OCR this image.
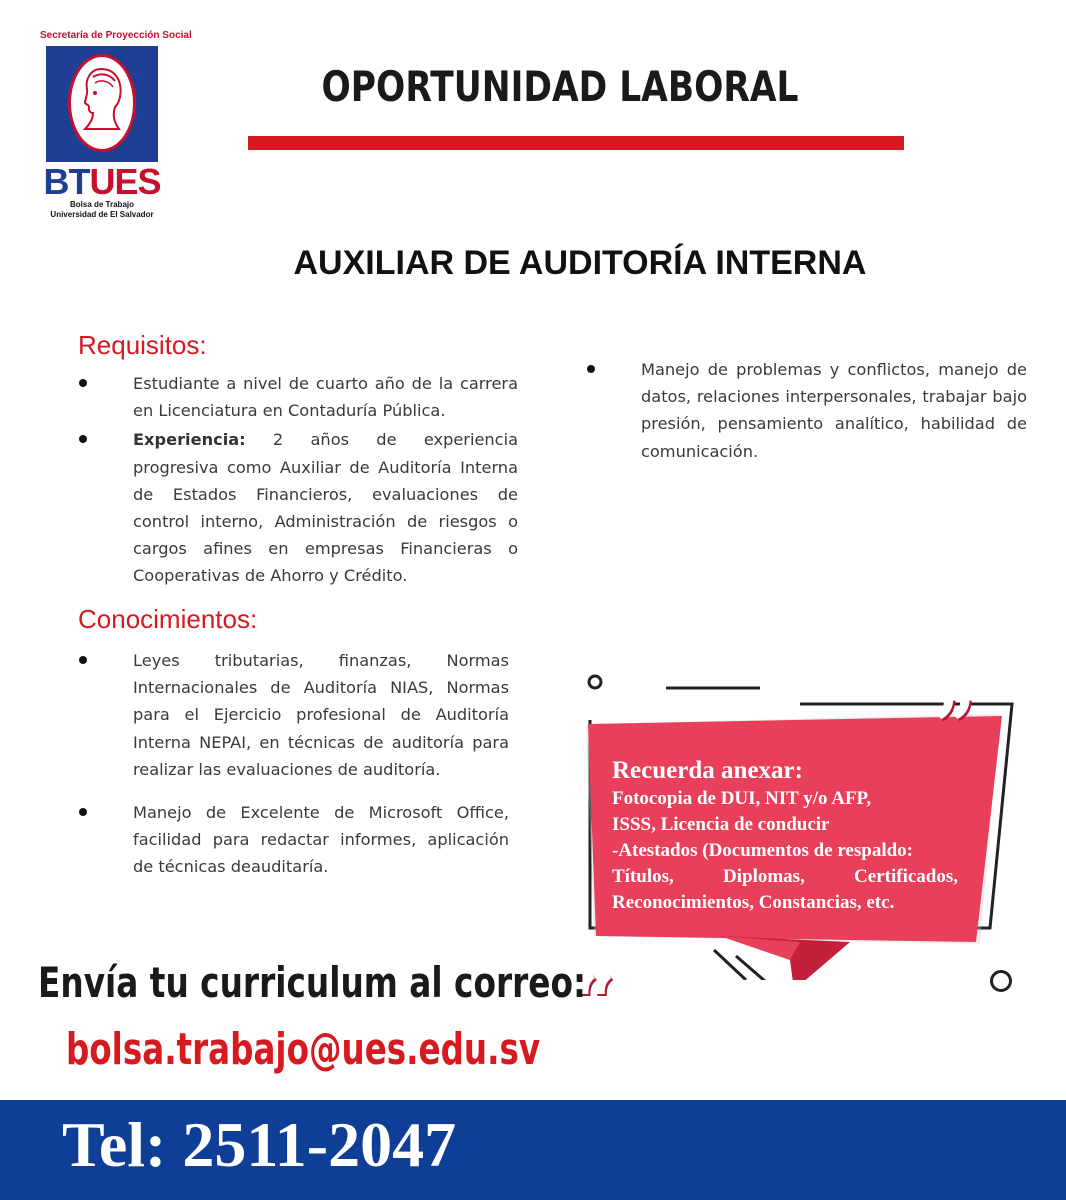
Secretaría de Proyección Social
BTUES
Bolsa de Trabajo
Universidad de El Salvador
OPORTUNIDAD LABORAL
AUXILIAR DE AUDITORÍA INTERNA
Requisitos:
Estudiante a nivel de cuarto año de la carrera en Licenciatura en Contaduría Pública.
Experiencia: 2 años de experiencia progresiva como Auxiliar de Auditoría Interna de Estados Financieros, evaluaciones de control interno, Administración de riesgos o cargos afines en empresas Financieras o Cooperativas de Ahorro y Crédito.
Conocimientos:
Leyes tributarias, finanzas, Normas Internacionales de Auditoría NIAS, Normas para el Ejercicio profesional de Auditoría Interna NEPAI, en técnicas de auditoría para realizar las evaluaciones de auditoría.
Manejo de Excelente de Microsoft Office, facilidad para redactar informes, aplicación de técnicas deauditaría.
Manejo de problemas y conflictos, manejo de datos, relaciones interpersonales, trabajar bajo presión, pensamiento analítico, habilidad de comunicación.
”
“
Recuerda anexar:
Fotocopia de DUI, NIT y/o AFP,
ISSS, Licencia de conducir
-Atestados (Documentos de respaldo:
Títulos,	Diplomas,	Certificados,
Reconocimientos, Constancias, etc.
Envía tu curriculum al correo:
bolsa.trabajo@ues.edu.sv
Tel: 2511-2047
